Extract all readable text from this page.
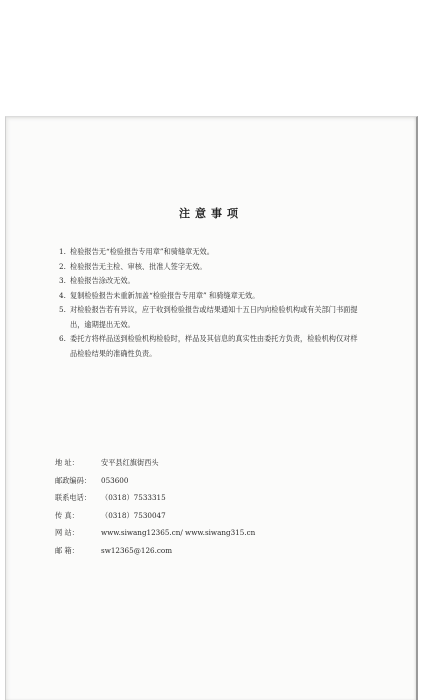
注意事项
1. 检验报告无“检验报告专用章”和骑缝章无效。
2. 检验报告无主检、审核、批准人签字无效。
3. 检验报告涂改无效。
4. 复制检验报告未重新加盖“检验报告专用章” 和骑缝章无效。
5. 对检验报告若有异议，应于收到检验报告或结果通知十五日内向检验机构或有关部门书面提出，逾期提出无效。
6. 委托方将样品送到检验机构检验时，样品及其信息的真实性由委托方负责，检验机构仅对样品检验结果的准确性负责。
地 址：	安平县红旗街西头
邮政编码：	053600
联系电话：	（0318）7533315
传 真：	（0318）7530047
网 站：	www.siwang12365.cn/ www.siwang315.cn
邮 箱：	sw12365@126.com
